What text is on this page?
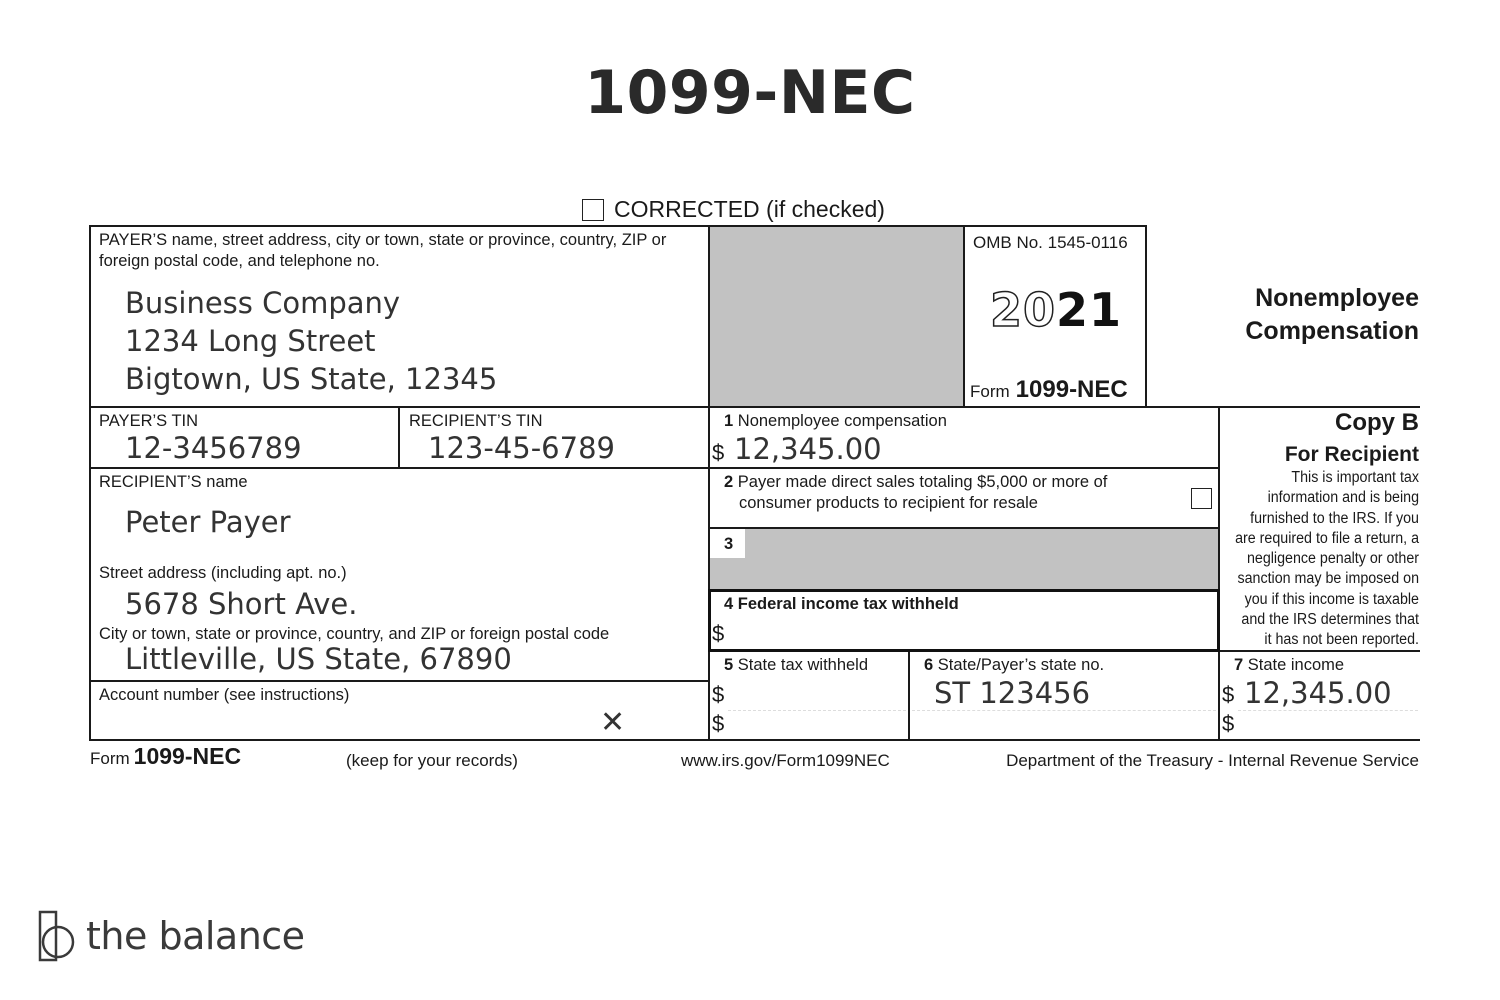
1099-NEC
CORRECTED (if checked)
PAYER’S name, street address, city or town, state or province, country, ZIP or foreign postal code, and telephone no.
Business Company
1234 Long Street
Bigtown, US State, 12345
OMB No. 1545-0116
2021
Form 1099-NEC
Nonemployee
Compensation
PAYER’S TIN
12-3456789
RECIPIENT’S TIN
123-45-6789
1 Nonemployee compensation
$ 12,345.00
2 Payer made direct sales totaling $5,000 or more of
consumer products to recipient for resale
3
4 Federal income tax withheld
$
RECIPIENT’S name
Peter Payer
Street address (including apt. no.)
5678 Short Ave.
City or town, state or province, country, and ZIP or foreign postal code
Littleville, US State, 67890
Account number (see instructions)
✕
5 State tax withheld
$
$
6 State/Payer’s state no.
ST 123456
7 State income
$ 12,345.00
$
Copy B
For Recipient
This is important tax information and is being furnished to the IRS. If you are required to file a return, a negligence penalty or other sanction may be imposed on you if this income is taxable and the IRS determines that it has not been reported.
Form 1099-NEC	(keep for your records)	www.irs.gov/Form1099NEC	Department of the Treasury - Internal Revenue Service
the balance
